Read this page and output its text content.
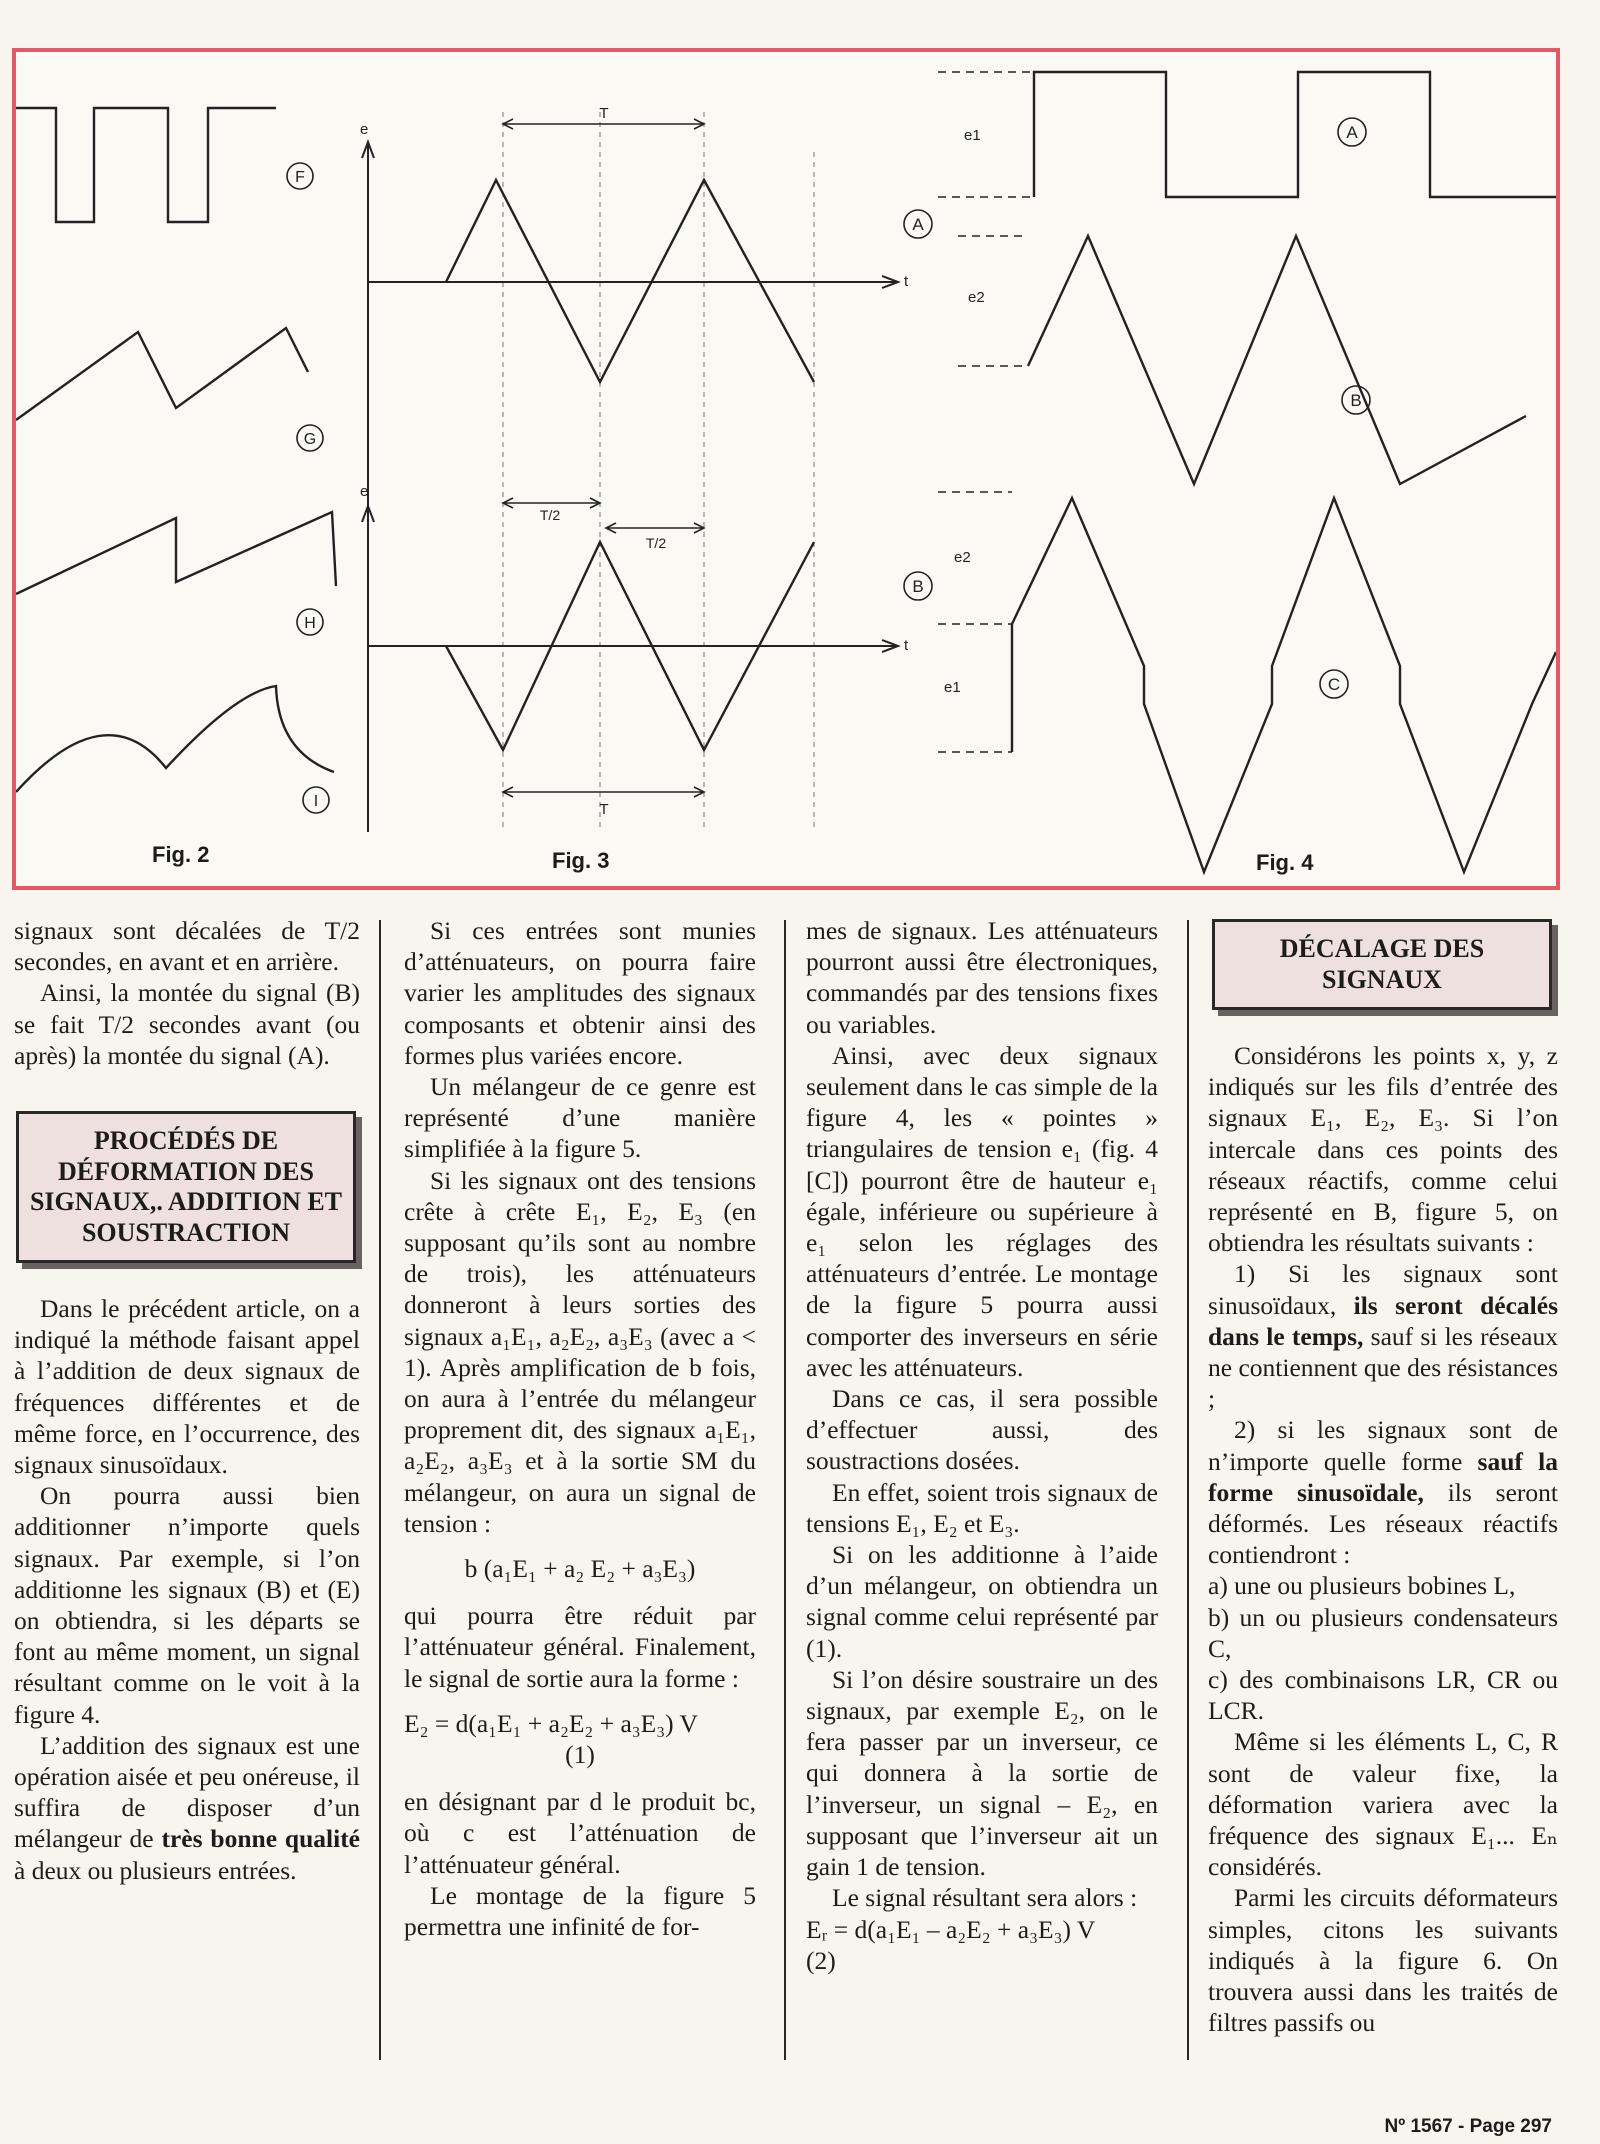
F
G
H
I
e
e
t
t
T
T/2
T/2
T
A
B
e1
e2
e2
e1
A
B
C
Fig. 2	Fig. 3	Fig. 4

signaux sont décalées de T/2 secondes, en avant et en arrière.

Ainsi, la montée du signal (B) se fait T/2 secondes avant (ou après) la montée du signal (A).

PROCÉDÉS DE DÉFORMATION DES SIGNAUX,. ADDITION ET SOUSTRACTION

Dans le précédent article, on a indiqué la méthode faisant appel à l’addition de deux signaux de fréquences différentes et de même force, en l’occurrence, des signaux sinusoïdaux.

On pourra aussi bien additionner n’importe quels signaux. Par exemple, si l’on additionne les signaux (B) et (E) on obtiendra, si les départs se font au même moment, un signal résultant comme on le voit à la figure 4.

L’addition des signaux est une opération aisée et peu onéreuse, il suffira de disposer d’un mélangeur de très bonne qualité à deux ou plusieurs entrées.

Si ces entrées sont munies d’atténuateurs, on pourra faire varier les amplitudes des signaux composants et obtenir ainsi des formes plus variées encore.

Un mélangeur de ce genre est représenté d’une manière simplifiée à la figure 5.

Si les signaux ont des tensions crête à crête E₁, E₂, E₃ (en supposant qu’ils sont au nombre de trois), les atténuateurs donneront à leurs sorties des signaux a₁E₁, a₂E₂, a₃E₃ (avec a < 1). Après amplification de b fois, on aura à l’entrée du mélangeur proprement dit, des signaux a₁E₁, a₂E₂, a₃E₃ et à la sortie SM du mélangeur, on aura un signal de tension :

b (a₁E₁ + a₂ E₂ + a₃E₃)

qui pourra être réduit par l’atténuateur général. Finalement, le signal de sortie aura la forme :

E₂ = d(a₁E₁ + a₂E₂ + a₃E₃) V

(1)

en désignant par d le produit bc, où c est l’atténuation de l’atténuateur général.

Le montage de la figure 5 permettra une infinité de for-

mes de signaux. Les atténuateurs pourront aussi être électroniques, commandés par des tensions fixes ou variables.

Ainsi, avec deux signaux seulement dans le cas simple de la figure 4, les « pointes » triangulaires de tension e₁ (fig. 4 [C]) pourront être de hauteur e₁ égale, inférieure ou supérieure à e₁ selon les réglages des atténuateurs d’entrée. Le montage de la figure 5 pourra aussi comporter des inverseurs en série avec les atténuateurs.

Dans ce cas, il sera possible d’effectuer aussi, des soustractions dosées.

En effet, soient trois signaux de tensions E₁, E₂ et E₃.

Si on les additionne à l’aide d’un mélangeur, on obtiendra un signal comme celui représenté par (1).

Si l’on désire soustraire un des signaux, par exemple E₂, on le fera passer par un inverseur, ce qui donnera à la sortie de l’inverseur, un signal – E₂, en supposant que l’inverseur ait un gain 1 de tension.

Le signal résultant sera alors :

Eᵣ = d(a₁E₁ – a₂E₂ + a₃E₃) V

(2)

DÉCALAGE DES SIGNAUX

Considérons les points x, y, z indiqués sur les fils d’entrée des signaux E₁, E₂, E₃. Si l’on intercale dans ces points des réseaux réactifs, comme celui représenté en B, figure 5, on obtiendra les résultats suivants :

1) Si les signaux sont sinusoïdaux, ils seront décalés dans le temps, sauf si les réseaux ne contiennent que des résistances ;

2) si les signaux sont de n’importe quelle forme sauf la forme sinusoïdale, ils seront déformés. Les réseaux réactifs contiendront :

a) une ou plusieurs bobines L,

b) un ou plusieurs condensateurs C,

c) des combinaisons LR, CR ou LCR.

Même si les éléments L, C, R sont de valeur fixe, la déformation variera avec la fréquence des signaux E₁... Eₙ considérés.

Parmi les circuits déformateurs simples, citons les suivants indiqués à la figure 6. On trouvera aussi dans les traités de filtres passifs ou

Nº 1567 - Page 297
